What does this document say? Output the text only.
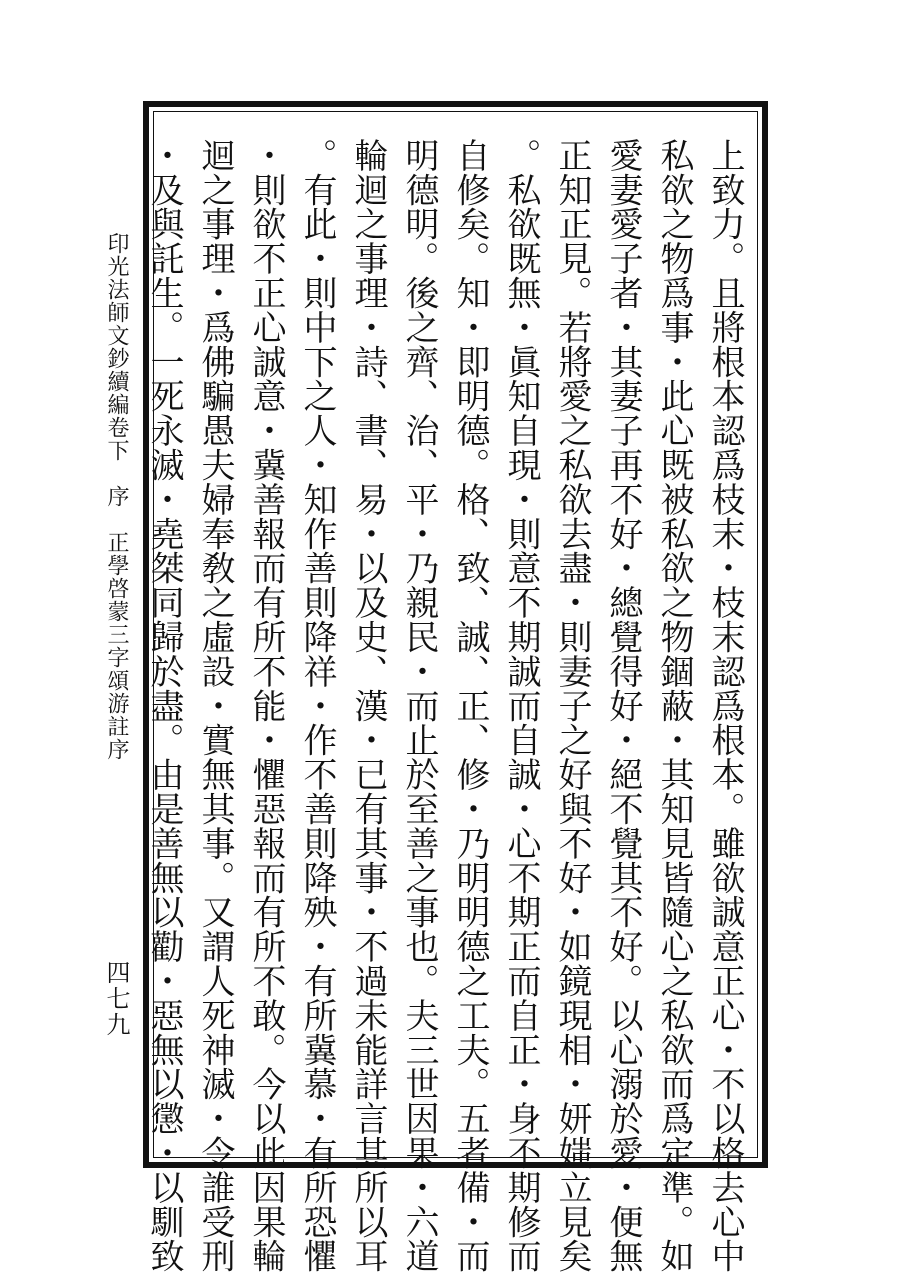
印光法師文鈔續編卷下　序　正學啓蒙三字頌游註序
四七九	上致力。且將根本認爲枝末・枝末認爲根本。雖欲誠意正心・不以格去心中
私欲之物爲事・此心既被私欲之物錮蔽・其知見皆隨心之私欲而爲定準。如
愛妻愛子者・其妻子再不好・總覺得好・絕不覺其不好。以心溺於愛・便無
正知正見。若將愛之私欲去盡・則妻子之好與不好・如鏡現相・妍媸立見矣
。私欲既無・眞知自現・則意不期誠而自誠・心不期正而自正・身不期修而
自修矣。知・即明德。格、致、誠、正、修・乃明明德之工夫。五者備・而
明德明。後之齊、治、平・乃親民・而止於至善之事也。夫三世因果・六道
輪迴之事理・詩、書、易・以及史、漢・已有其事・不過未能詳言其所以耳
。有此・則中下之人・知作善則降祥・作不善則降殃・有所冀慕・有所恐懼
・則欲不正心誠意・冀善報而有所不能・懼惡報而有所不敢。今以此因果輪
迴之事理・爲佛騙愚夫婦奉敎之虛設・實無其事。又謂人死神滅・令誰受刑
・及與託生。一死永滅・堯桀同歸於盡。由是善無以勸・惡無以懲・以馴致
